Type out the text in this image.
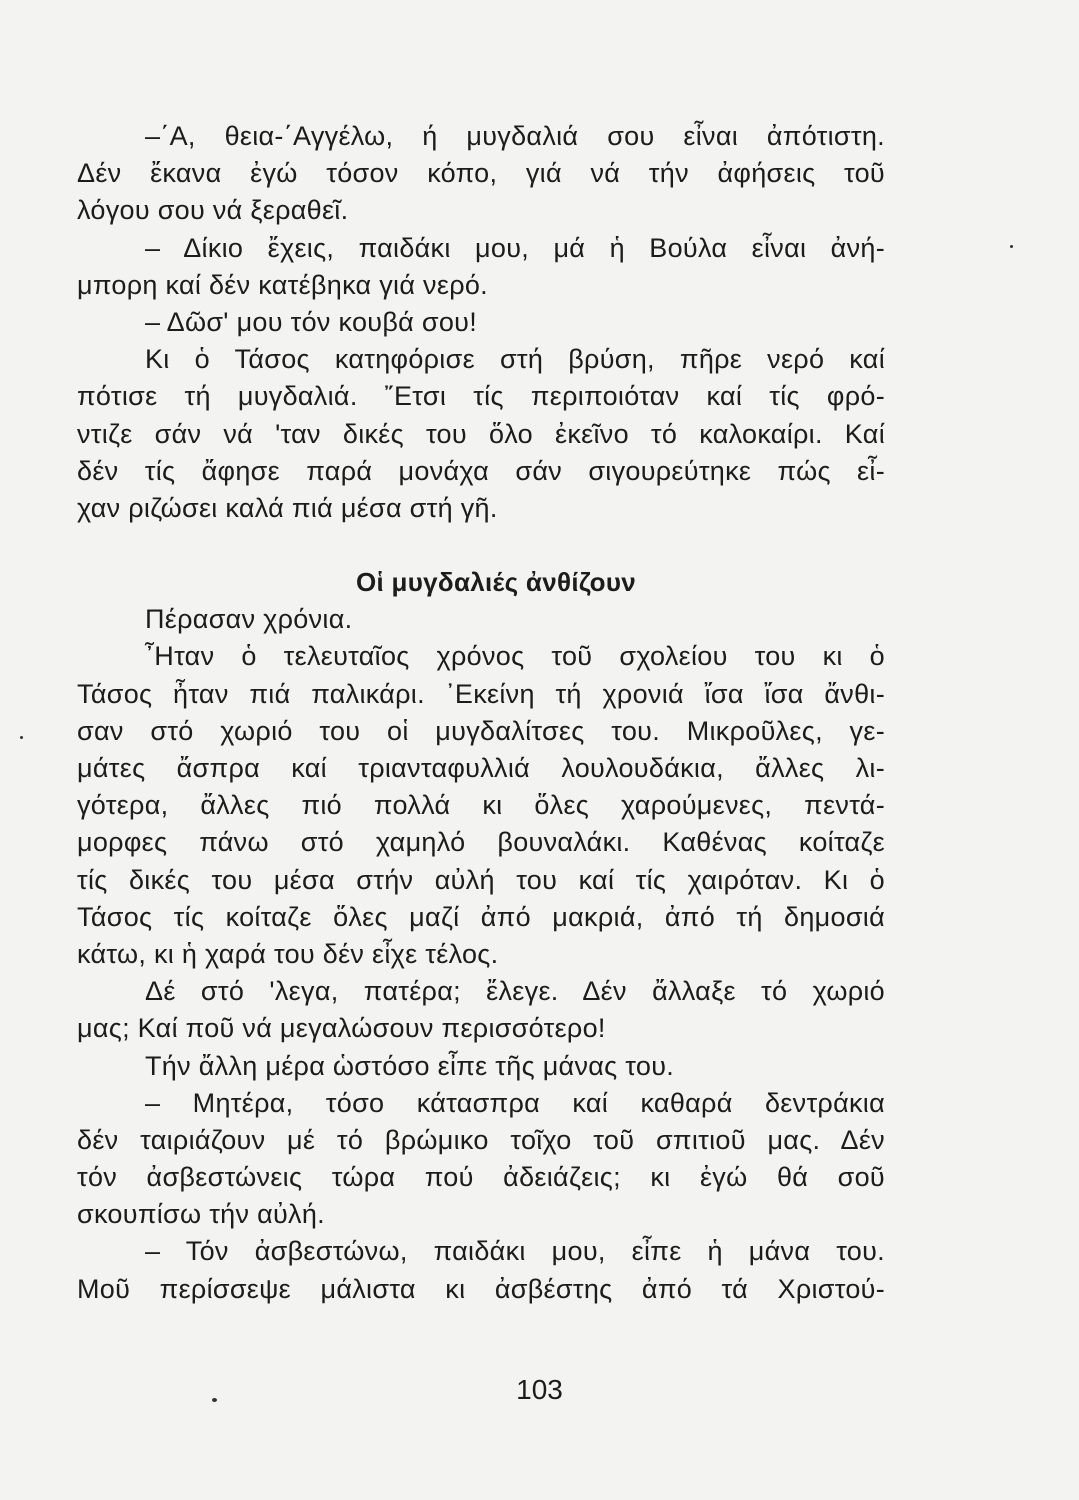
–΄Α, θεια-΄Αγγέλω, ή μυγδαλιά σου εἶναι ἀπότιστη.
Δέν ἔκανα ἐγώ τόσον κόπο, γιά νά τήν ἀφήσεις τοῦ
λόγου σου νά ξεραθεῖ.
– Δίκιο ἔχεις, παιδάκι μου, μά ἡ Βούλα εἶναι ἀνή-
μπορη καί δέν κατέβηκα γιά νερό.
– Δῶσ' μου τόν κουβά σου!
Κι ὁ Τάσος κατηφόρισε στή βρύση, πῆρε νερό καί
πότισε τή μυγδαλιά. ῎Ετσι τίς περιποιόταν καί τίς φρό-
ντιζε σάν νά 'ταν δικές του ὅλο ἐκεῖνο τό καλοκαίρι. Καί
δέν τίς ἄφησε παρά μονάχα σάν σιγουρεύτηκε πώς εἶ-
χαν ριζώσει καλά πιά μέσα στή γῆ.
Οἱ μυγδαλιές ἀνθίζουν
Πέρασαν χρόνια.
῏Ηταν ὁ τελευταῖος χρόνος τοῦ σχολείου του κι ὁ
Τάσος ἦταν πιά παλικάρι. ᾿Εκείνη τή χρονιά ἴσα ἴσα ἄνθι-
σαν στό χωριό του οἱ μυγδαλίτσες του. Μικροῦλες, γε-
μάτες ἄσπρα καί τριανταφυλλιά λουλουδάκια, ἄλλες λι-
γότερα, ἄλλες πιό πολλά κι ὅλες χαρούμενες, πεντά-
μορφες πάνω στό χαμηλό βουναλάκι. Καθένας κοίταζε
τίς δικές του μέσα στήν αὐλή του καί τίς χαιρόταν. Κι ὁ
Τάσος τίς κοίταζε ὅλες μαζί ἀπό μακριά, ἀπό τή δημοσιά
κάτω, κι ἡ χαρά του δέν εἶχε τέλος.
Δέ στό 'λεγα, πατέρα; ἔλεγε. Δέν ἄλλαξε τό χωριό
μας; Καί ποῦ νά μεγαλώσουν περισσότερο!
Τήν ἄλλη μέρα ὡστόσο εἶπε τῆς μάνας του.
– Μητέρα, τόσο κάτασπρα καί καθαρά δεντράκια
δέν ταιριάζουν μέ τό βρώμικο τοῖχο τοῦ σπιτιοῦ μας. Δέν
τόν ἀσβεστώνεις τώρα πού ἀδειάζεις; κι ἐγώ θά σοῦ
σκουπίσω τήν αὐλή.
– Τόν ἀσβεστώνω, παιδάκι μου, εἶπε ἡ μάνα του.
Μοῦ περίσσεψε μάλιστα κι ἀσβέστης ἀπό τά Χριστού-
103
